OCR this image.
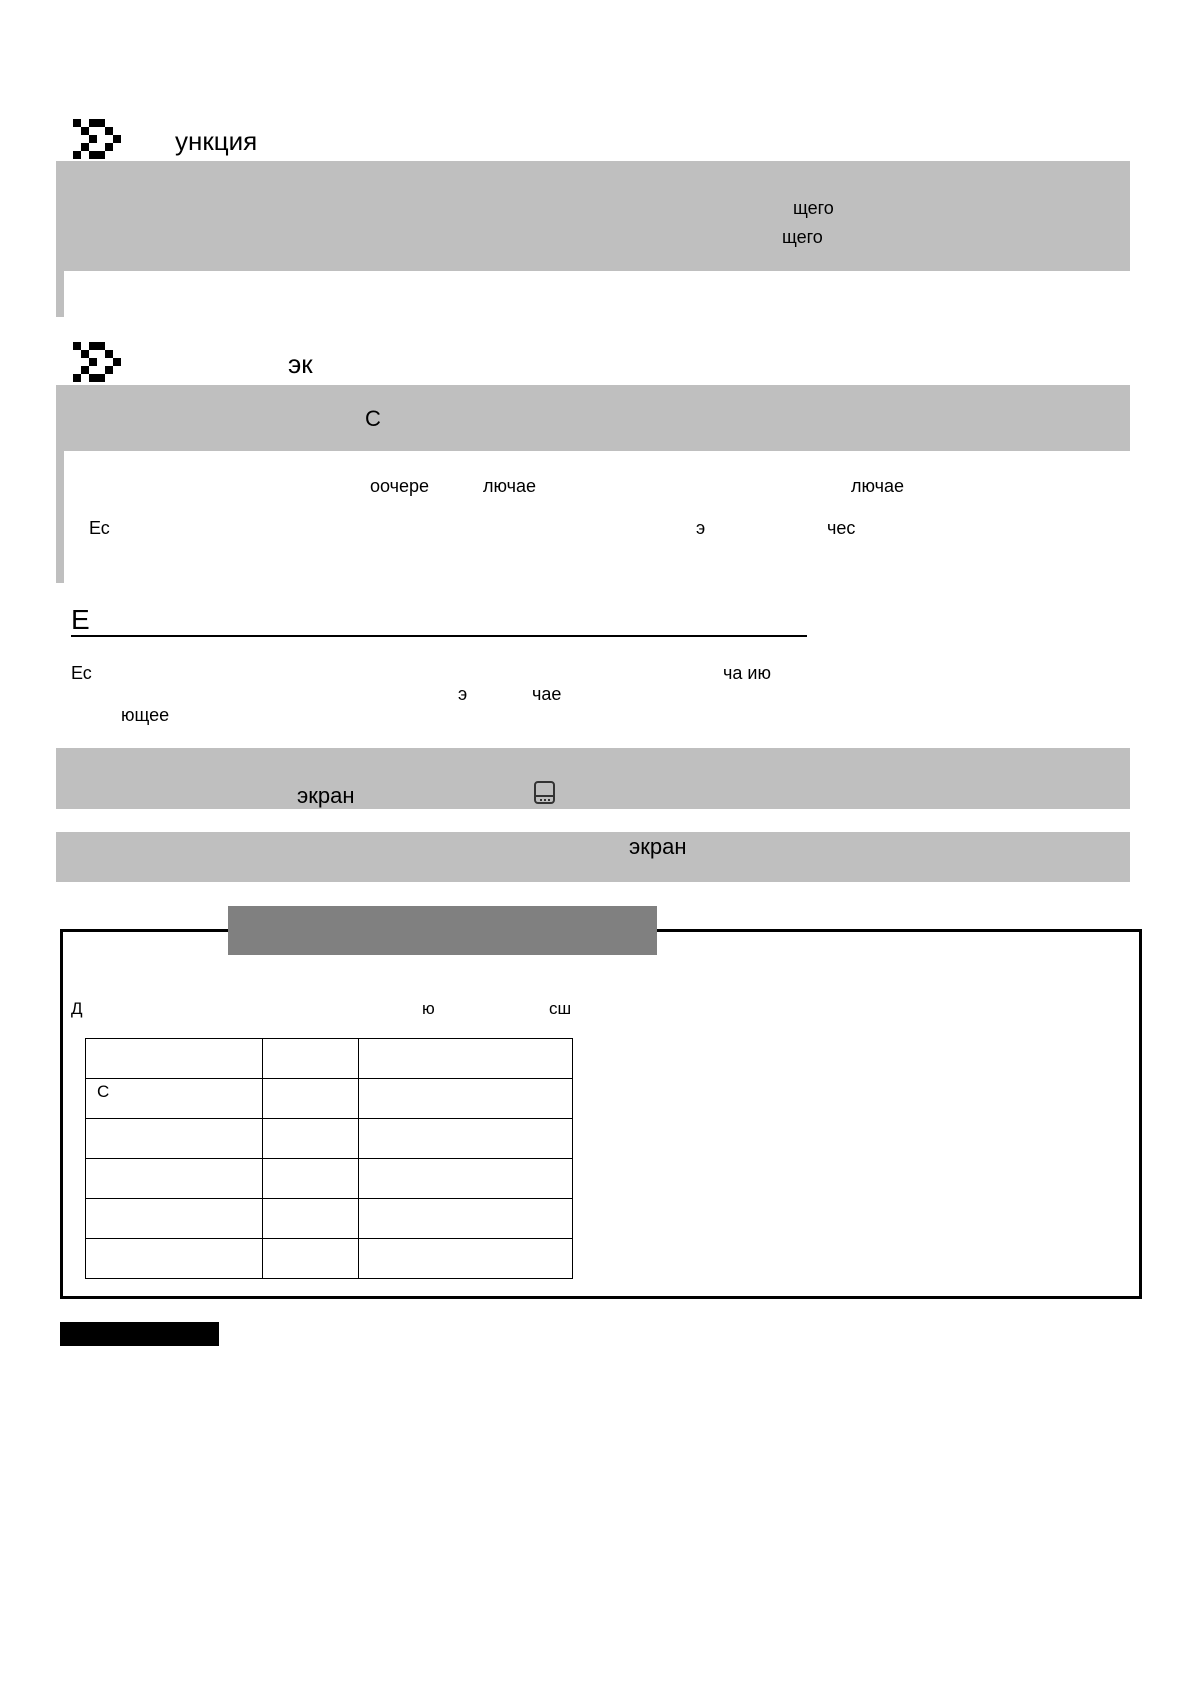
ункция
щего
щего
эк
С
оочере	лючае	лючае
Ес	э	чес
Е
Ес	ча ию
э	чае
ющее
экран
экран
Д	ю	сш

С		
